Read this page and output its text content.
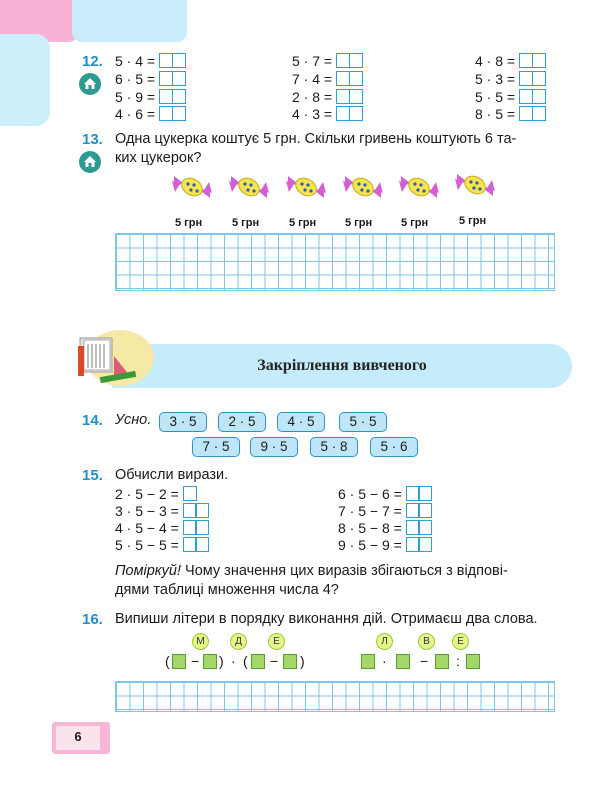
12. 5 · 4 =
6 · 5 =
5 · 9 =
4 · 6 =
5 · 7 =
7 · 4 =
2 · 8 =
4 · 3 =
4 · 8 =
5 · 3 =
5 · 5 =
8 · 5 =
13. Одна цукерка коштує 5 грн. Скільки гривень коштують 6 та-
ких цукерок?
5 грн	5 грн	5 грн	5 грн	5 грн	5 грн
Закріплення вивченого
14. Усно.	3 · 5	2 · 5	4 · 5	5 · 5
7 · 5	9 · 5	5 · 8	5 · 6
15. Обчисли вирази.
2 · 5 − 2 =
3 · 5 − 3 =
4 · 5 − 4 =
5 · 5 − 5 =
6 · 5 − 6 =
7 · 5 − 7 =
8 · 5 − 8 =
9 · 5 − 9 =
Поміркуй! Чому значення цих виразів збігаються з відпові-
дями таблиці множення числа 4?
16. Випиши літери в порядку виконання дій. Отримаєш два слова.
М	Д	Е
( − ) · ( − )
Л	В	Е
· − :
6
